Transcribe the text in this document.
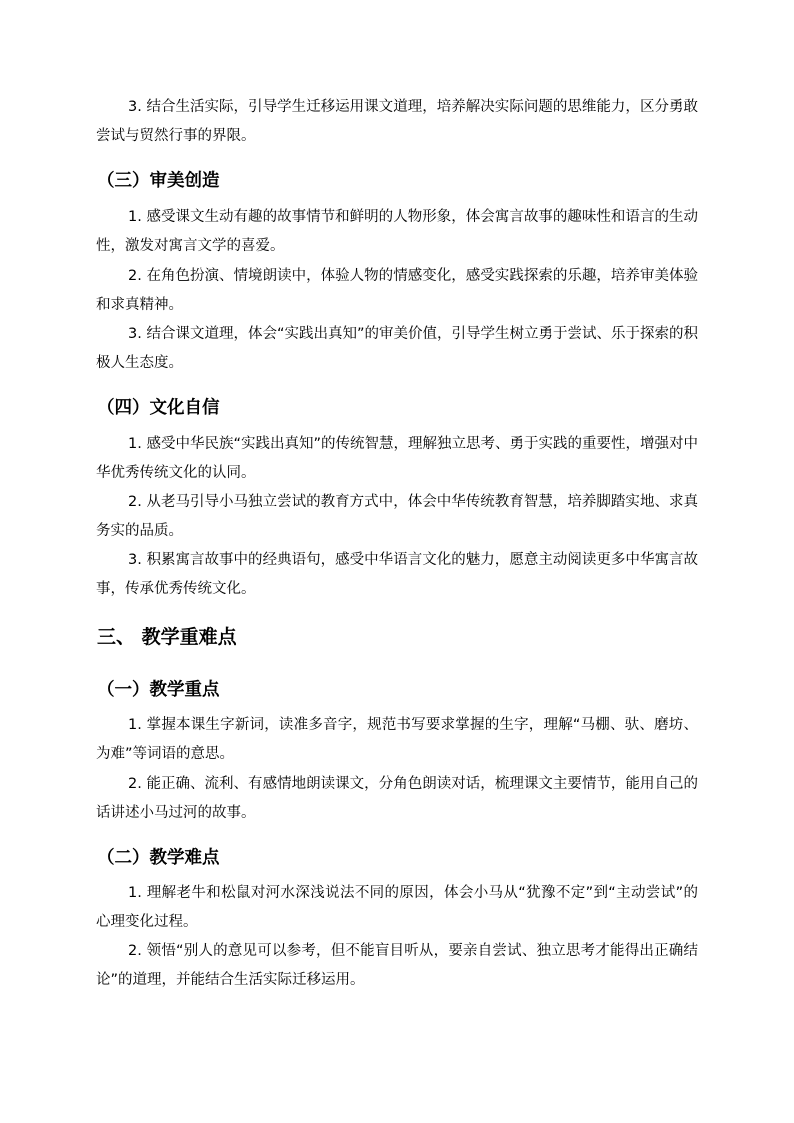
3. 结合生活实际，引导学生迁移运用课文道理，培养解决实际问题的思维能力，区分勇敢尝试与贸然行事的界限。

（三）审美创造

1. 感受课文生动有趣的故事情节和鲜明的人物形象，体会寓言故事的趣味性和语言的生动性，激发对寓言文学的喜爱。

2. 在角色扮演、情境朗读中，体验人物的情感变化，感受实践探索的乐趣，培养审美体验和求真精神。

3. 结合课文道理，体会“实践出真知”的审美价值，引导学生树立勇于尝试、乐于探索的积极人生态度。

（四）文化自信

1. 感受中华民族“实践出真知”的传统智慧，理解独立思考、勇于实践的重要性，增强对中华优秀传统文化的认同。

2. 从老马引导小马独立尝试的教育方式中，体会中华传统教育智慧，培养脚踏实地、求真务实的品质。

3. 积累寓言故事中的经典语句，感受中华语言文化的魅力，愿意主动阅读更多中华寓言故事，传承优秀传统文化。

三、 教学重难点
（一）教学重点

1. 掌握本课生字新词，读准多音字，规范书写要求掌握的生字，理解“马棚、驮、磨坊、为难”等词语的意思。

2. 能正确、流利、有感情地朗读课文，分角色朗读对话，梳理课文主要情节，能用自己的话讲述小马过河的故事。

（二）教学难点

1. 理解老牛和松鼠对河水深浅说法不同的原因，体会小马从“犹豫不定”到“主动尝试”的心理变化过程。

2. 领悟“别人的意见可以参考，但不能盲目听从，要亲自尝试、独立思考才能得出正确结论”的道理，并能结合生活实际迁移运用。
